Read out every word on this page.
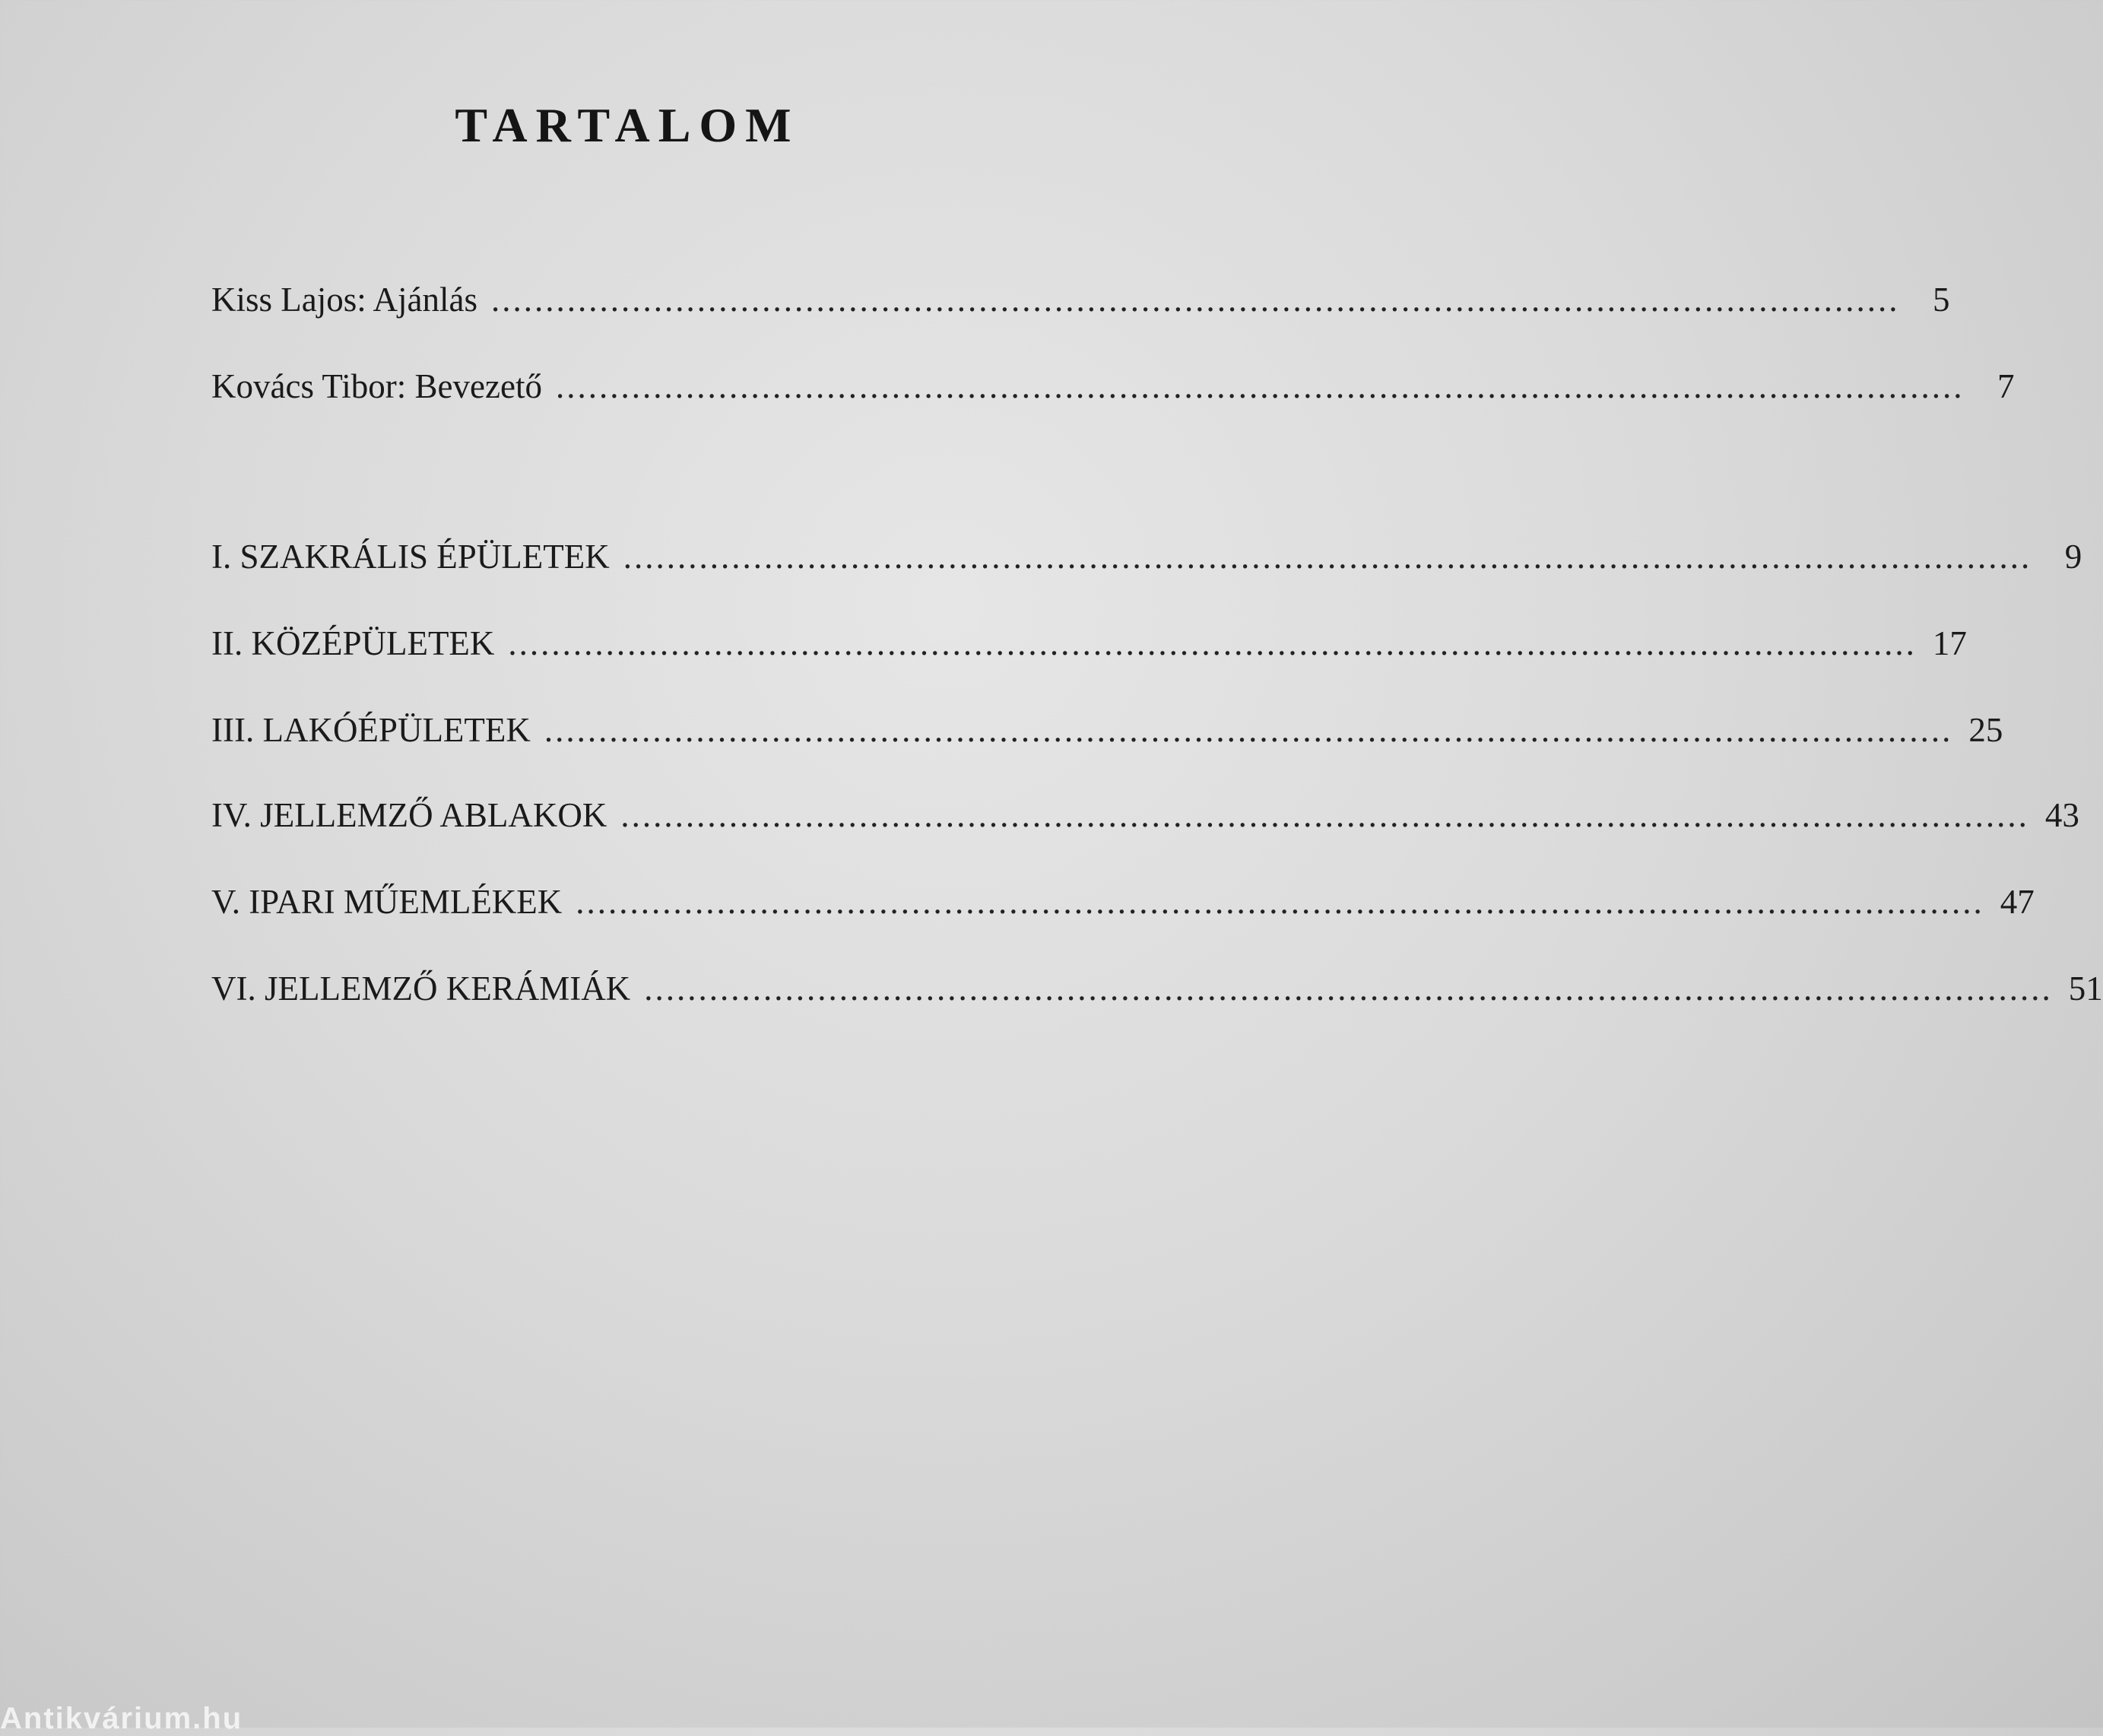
TARTALOM
Kiss Lajos: Ajánlás .................................................................................................................................. 5
Kovács Tibor: Bevezető .................................................................................................................................. 7
I. SZAKRÁLIS ÉPÜLETEK .................................................................................................................................. 9
II. KÖZÉPÜLETEK .................................................................................................................................. 17
III. LAKÓÉPÜLETEK .................................................................................................................................. 25
IV. JELLEMZŐ ABLAKOK .................................................................................................................................. 43
V. IPARI MŰEMLÉKEK .................................................................................................................................. 47
VI. JELLEMZŐ KERÁMIÁK .................................................................................................................................. 51
Antikvárium.hu
